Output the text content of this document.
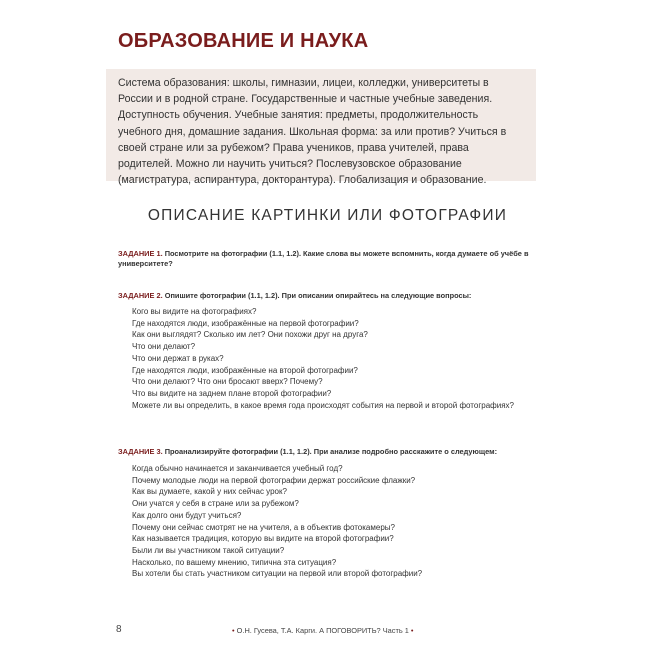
ОБРАЗОВАНИЕ И НАУКА
Система образования: школы, гимназии, лицеи, колледжи, университеты в России и в родной стране. Государственные и частные учебные заведения. Доступность обучения. Учебные занятия: предметы, продолжительность учебного дня, домашние задания. Школьная форма: за или против? Учиться в своей стране или за рубежом? Права учеников, права учителей, права родителей. Можно ли научить учиться? Послевузовское образование (магистратура, аспирантура, докторантура). Глобализация и образование.
ОПИСАНИЕ КАРТИНКИ ИЛИ ФОТОГРАФИИ
ЗАДАНИЕ 1. Посмотрите на фотографии (1.1, 1.2). Какие слова вы можете вспомнить, когда думаете об учёбе в университете?
ЗАДАНИЕ 2. Опишите фотографии (1.1, 1.2). При описании опирайтесь на следующие вопросы:
Кого вы видите на фотографиях?
Где находятся люди, изображённые на первой фотографии?
Как они выглядят? Сколько им лет? Они похожи друг на друга?
Что они делают?
Что они держат в руках?
Где находятся люди, изображённые на второй фотографии?
Что они делают? Что они бросают вверх? Почему?
Что вы видите на заднем плане второй фотографии?
Можете ли вы определить, в какое время года происходят события на первой и второй фотографиях?
ЗАДАНИЕ 3. Проанализируйте фотографии (1.1, 1.2). При анализе подробно расскажите о следующем:
Когда обычно начинается и заканчивается учебный год?
Почему молодые люди на первой фотографии держат российские флажки?
Как вы думаете, какой у них сейчас урок?
Они учатся у себя в стране или за рубежом?
Как долго они будут учиться?
Почему они сейчас смотрят не на учителя, а в объектив фотокамеры?
Как называется традиция, которую вы видите на второй фотографии?
Были ли вы участником такой ситуации?
Насколько, по вашему мнению, типична эта ситуация?
Вы хотели бы стать участником ситуации на первой или второй фотографии?
8	• О.Н. Гусева, Т.А. Карги. А ПОГОВОРИТЬ? Часть 1 •
